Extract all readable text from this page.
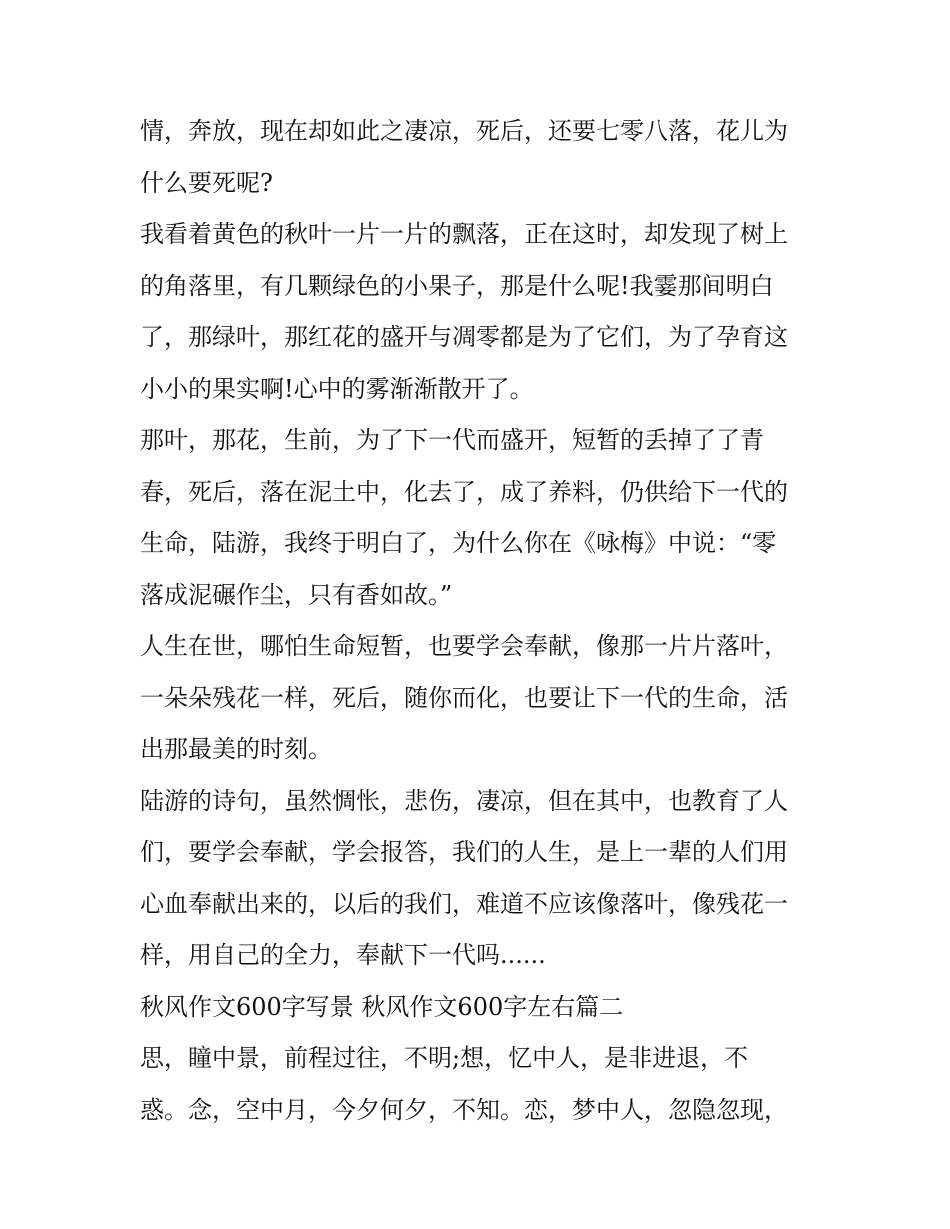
情，奔放，现在却如此之凄凉，死后，还要七零八落，花儿为
什么要死呢?
我看着黄色的秋叶一片一片的飘落，正在这时，却发现了树上
的角落里，有几颗绿色的小果子，那是什么呢!我霎那间明白
了，那绿叶，那红花的盛开与凋零都是为了它们，为了孕育这
小小的果实啊!心中的雾渐渐散开了。
那叶，那花，生前，为了下一代而盛开，短暂的丢掉了了青
春，死后，落在泥土中，化去了，成了养料，仍供给下一代的
生命，陆游，我终于明白了，为什么你在《咏梅》中说：“零
落成泥碾作尘，只有香如故。”
人生在世，哪怕生命短暂，也要学会奉献，像那一片片落叶，
一朵朵残花一样，死后，随你而化，也要让下一代的生命，活
出那最美的时刻。
陆游的诗句，虽然惆怅，悲伤，凄凉，但在其中，也教育了人
们，要学会奉献，学会报答，我们的人生，是上一辈的人们用
心血奉献出来的，以后的我们，难道不应该像落叶，像残花一
样，用自己的全力，奉献下一代吗......
秋风作文600字写景 秋风作文600字左右篇二
思，瞳中景，前程过往，不明;想，忆中人，是非进退，不
惑。念，空中月，今夕何夕，不知。恋，梦中人，忽隐忽现，
